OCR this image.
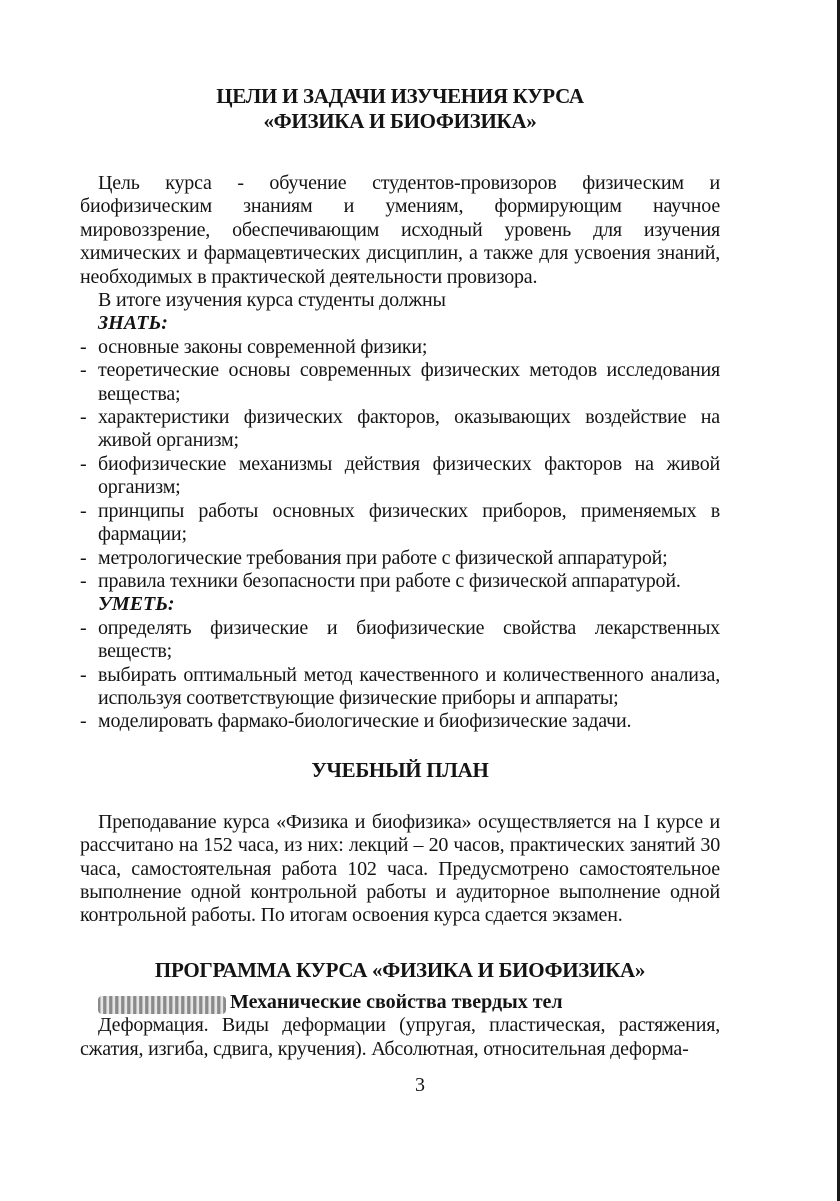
ЦЕЛИ И ЗАДАЧИ ИЗУЧЕНИЯ КУРСА
«ФИЗИКА И БИОФИЗИКА»

Цель курса - обучение студентов-провизоров физическим и биофизическим знаниям и умениям, формирующим научное мировоззрение, обеспечивающим исходный уровень для изучения химических и фармацевтических дисциплин, а также для усвоения знаний, необходимых в практической деятельности провизора.

В итоге изучения курса студенты должны

ЗНАТЬ:
- основные законы современной физики;
- теоретические основы современных физических методов исследования вещества;
- характеристики физических факторов, оказывающих воздействие на живой организм;
- биофизические механизмы действия физических факторов на живой организм;
- принципы работы основных физических приборов, применяемых в фармации;
- метрологические требования при работе с физической аппаратурой;
- правила техники безопасности при работе с физической аппаратурой.
УМЕТЬ:
- определять физические и биофизические свойства лекарственных веществ;
- выбирать оптимальный метод качественного и количественного анализа, используя соответствующие физические приборы и аппараты;
- моделировать фармако-биологические и биофизические задачи.
УЧЕБНЫЙ ПЛАН

Преподавание курса «Физика и биофизика» осуществляется на I курсе и рассчитано на 152 часа, из них: лекций – 20 часов, практических занятий 30 часа, самостоятельная работа 102 часа. Предусмотрено самостоятельное выполнение одной контрольной работы и аудиторное выполнение одной контрольной работы. По итогам освоения курса сдается экзамен.

ПРОГРАММА КУРСА «ФИЗИКА И БИОФИЗИКА»
Механические свойства твердых тел

Деформация. Виды деформации (упругая, пластическая, растяжения, сжатия, изгиба, сдвига, кручения). Абсолютная, относительная деформа-

3
